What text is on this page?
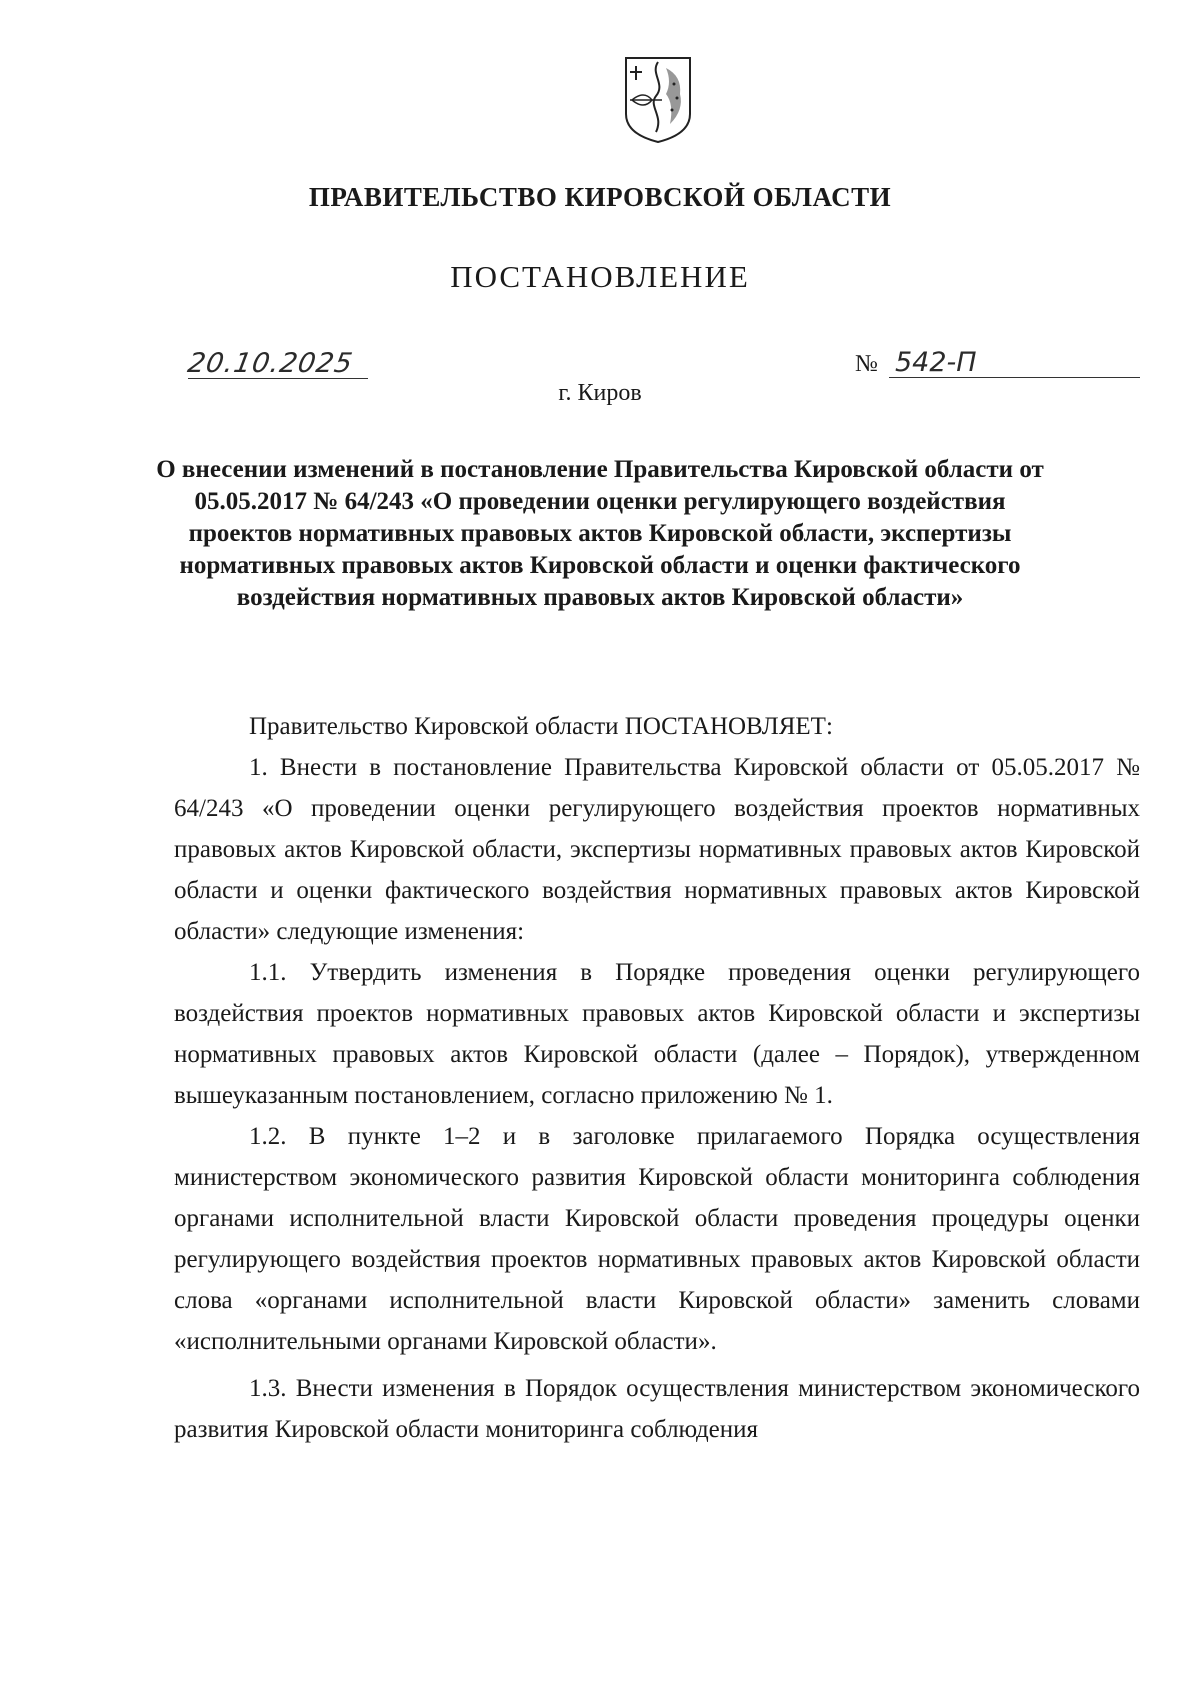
ПРАВИТЕЛЬСТВО КИРОВСКОЙ ОБЛАСТИ
ПОСТАНОВЛЕНИЕ
20.10.2025	№ 542-П
г. Киров
О внесении изменений в постановление Правительства Кировской области от 05.05.2017 № 64/243 «О проведении оценки регулирующего воздействия проектов нормативных правовых актов Кировской области, экспертизы нормативных правовых актов Кировской области и оценки фактического воздействия нормативных правовых актов Кировской области»

Правительство Кировской области ПОСТАНОВЛЯЕТ:

1. Внести в постановление Правительства Кировской области от 05.05.2017 № 64/243 «О проведении оценки регулирующего воздействия проектов нормативных правовых актов Кировской области, экспертизы нормативных правовых актов Кировской области и оценки фактического воздействия нормативных правовых актов Кировской области» следующие изменения:

1.1. Утвердить изменения в Порядке проведения оценки регулирующего воздействия проектов нормативных правовых актов Кировской области и экспертизы нормативных правовых актов Кировской области (далее – Порядок), утвержденном вышеуказанным постановлением, согласно приложению № 1.

1.2. В пункте 1–2 и в заголовке прилагаемого Порядка осуществления министерством экономического развития Кировской области мониторинга соблюдения органами исполнительной власти Кировской области проведения процедуры оценки регулирующего воздействия проектов нормативных правовых актов Кировской области слова «органами исполнительной власти Кировской области» заменить словами «исполнительными органами Кировской области».

1.3. Внести изменения в Порядок осуществления министерством экономического развития Кировской области мониторинга соблюдения
